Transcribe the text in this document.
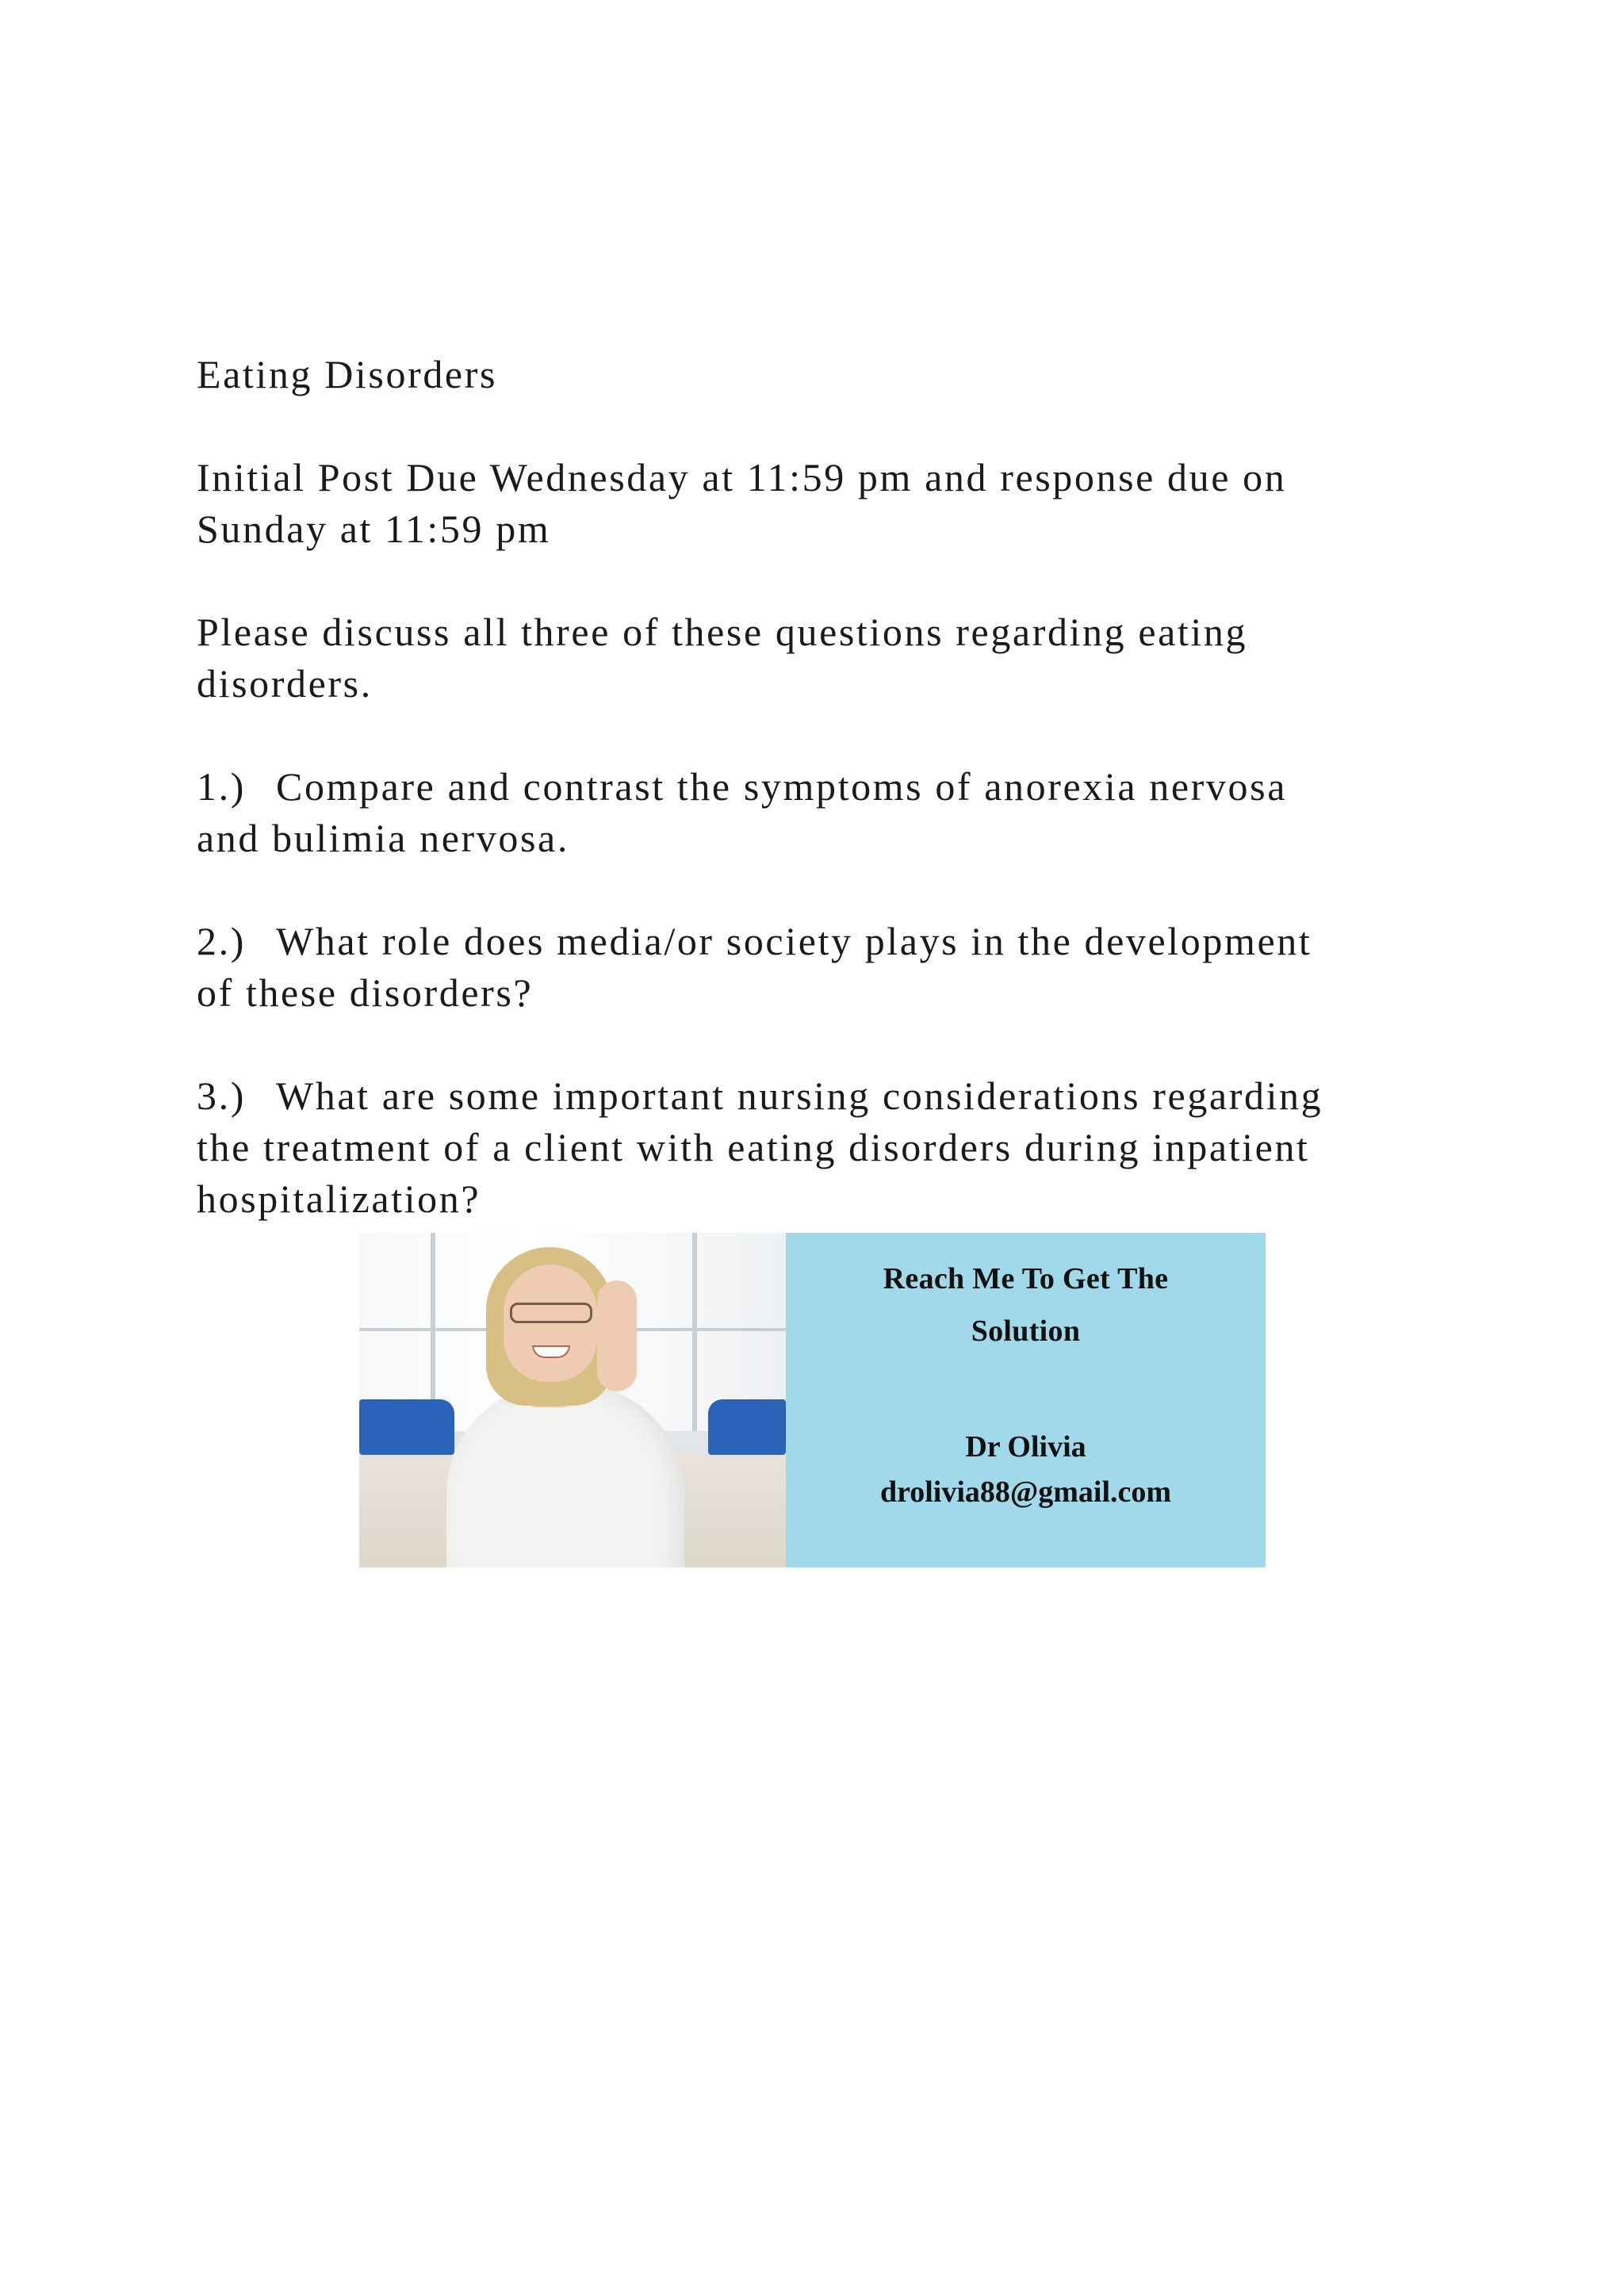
Eating Disorders

Initial Post Due Wednesday at 11:59 pm and response due on
Sunday at 11:59 pm

Please discuss all three of these questions regarding eating
disorders.

1.) Compare and contrast the symptoms of anorexia nervosa
and bulimia nervosa.

2.) What role does media/or society plays in the development
of these disorders?

3.) What are some important nursing considerations regarding
the treatment of a client with eating disorders during inpatient
hospitalization?

Reach Me To Get The
Solution
Dr Olivia
drolivia88@gmail.com
